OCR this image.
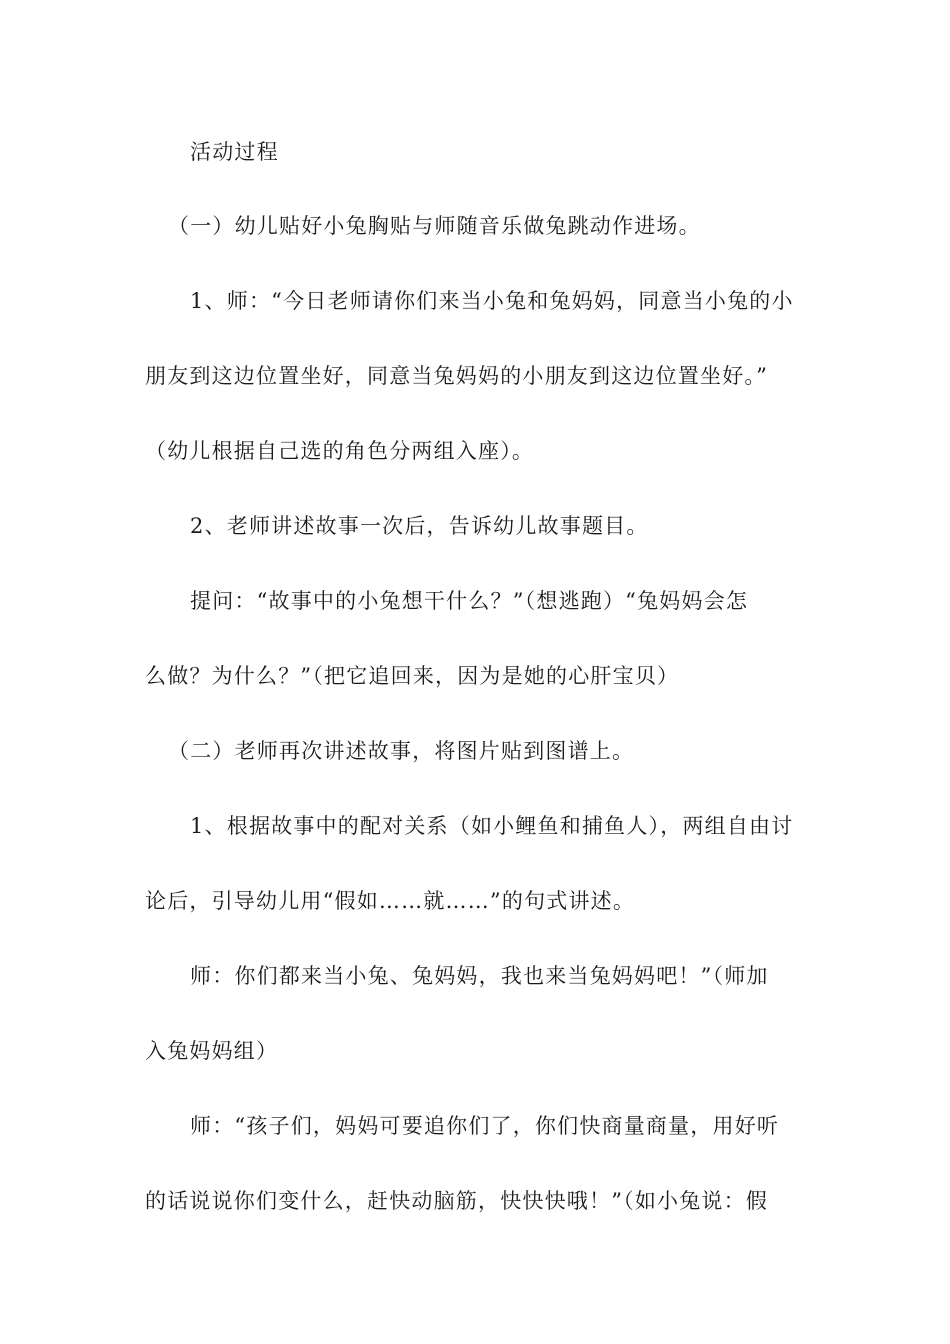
活动过程
（一）幼儿贴好小兔胸贴与师随音乐做兔跳动作进场。
1、师：“今日老师请你们来当小兔和兔妈妈，同意当小兔的小
朋友到这边位置坐好，同意当兔妈妈的小朋友到这边位置坐好。”
（幼儿根据自己选的角色分两组入座）。
2、老师讲述故事一次后，告诉幼儿故事题目。
提问：“故事中的小兔想干什么？”（想逃跑）“兔妈妈会怎
么做？为什么？”（把它追回来，因为是她的心肝宝贝）
（二）老师再次讲述故事，将图片贴到图谱上。
1、根据故事中的配对关系（如小鲤鱼和捕鱼人），两组自由讨
论后，引导幼儿用“假如……就……”的句式讲述。
师：你们都来当小兔、兔妈妈，我也来当兔妈妈吧！”（师加
入兔妈妈组）
师：“孩子们，妈妈可要追你们了，你们快商量商量，用好听
的话说说你们变什么，赶快动脑筋，快快快哦！”（如小兔说：假
